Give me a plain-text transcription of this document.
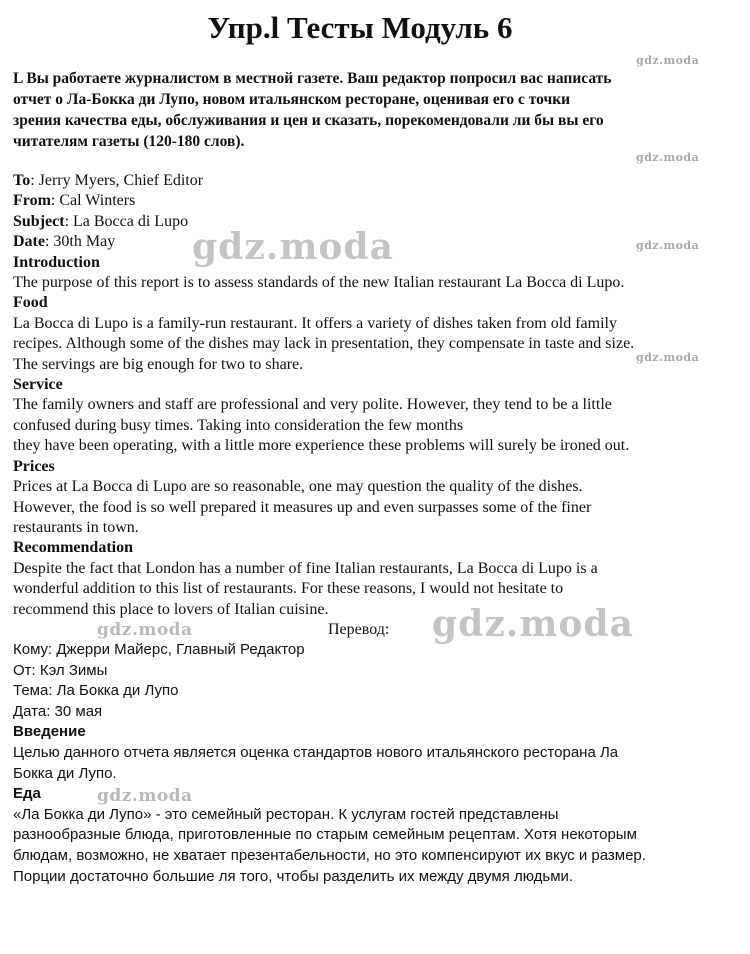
Упр.l Тесты Модуль 6
L Вы работаете журналистом в местной газете. Ваш редактор попросил вас написать
отчет о Ла-Бокка ди Лупо, новом итальянском ресторане, оценивая его с точки
зрения качества еды, обслуживания и цен и сказать, порекомендовали ли бы вы его
читателям газеты (120-180 слов).
To: Jerry Myers, Chief Editor
From: Cal Winters
Subject: La Bocca di Lupo
Date: 30th May
Introduction
The purpose of this report is to assess standards of the new Italian restaurant La Bocca di Lupo.
Food
La Bocca di Lupo is a family-run restaurant. It offers a variety of dishes taken from old family
recipes. Although some of the dishes may lack in presentation, they compensate in taste and size.
The servings are big enough for two to share.
Service
The family owners and staff are professional and very polite. However, they tend to be a little
confused during busy times. Taking into consideration the few months
they have been operating, with a little more experience these problems will surely be ironed out.
Prices
Prices at La Bocca di Lupo are so reasonable, one may question the quality of the dishes.
However, the food is so well prepared it measures up and even surpasses some of the finer
restaurants in town.
Recommendation
Despite the fact that London has a number of fine Italian restaurants, La Bocca di Lupo is a
wonderful addition to this list of restaurants. For these reasons, I would not hesitate to
recommend this place to lovers of Italian cuisine.
Перевод:
Кому: Джерри Майерс, Главный Редактор
От: Кэл Зимы
Тема: Ла Бокка ди Лупо
Дата: 30 мая
Введение
Целью данного отчета является оценка стандартов нового итальянского ресторана Ла
Бокка ди Лупо.
Еда
«Ла Бокка ди Лупо» - это семейный ресторан. К услугам гостей представлены
разнообразные блюда, приготовленные по старым семейным рецептам. Хотя некоторым
блюдам, возможно, не хватает презентабельности, но это компенсируют их вкус и размер.
Порции достаточно большие ля того, чтобы разделить их между двумя людьми.
gdz.moda
gdz.moda
gdz.moda	gdz.moda
gdz.moda
gdz.moda	gdz.moda
gdz.moda
